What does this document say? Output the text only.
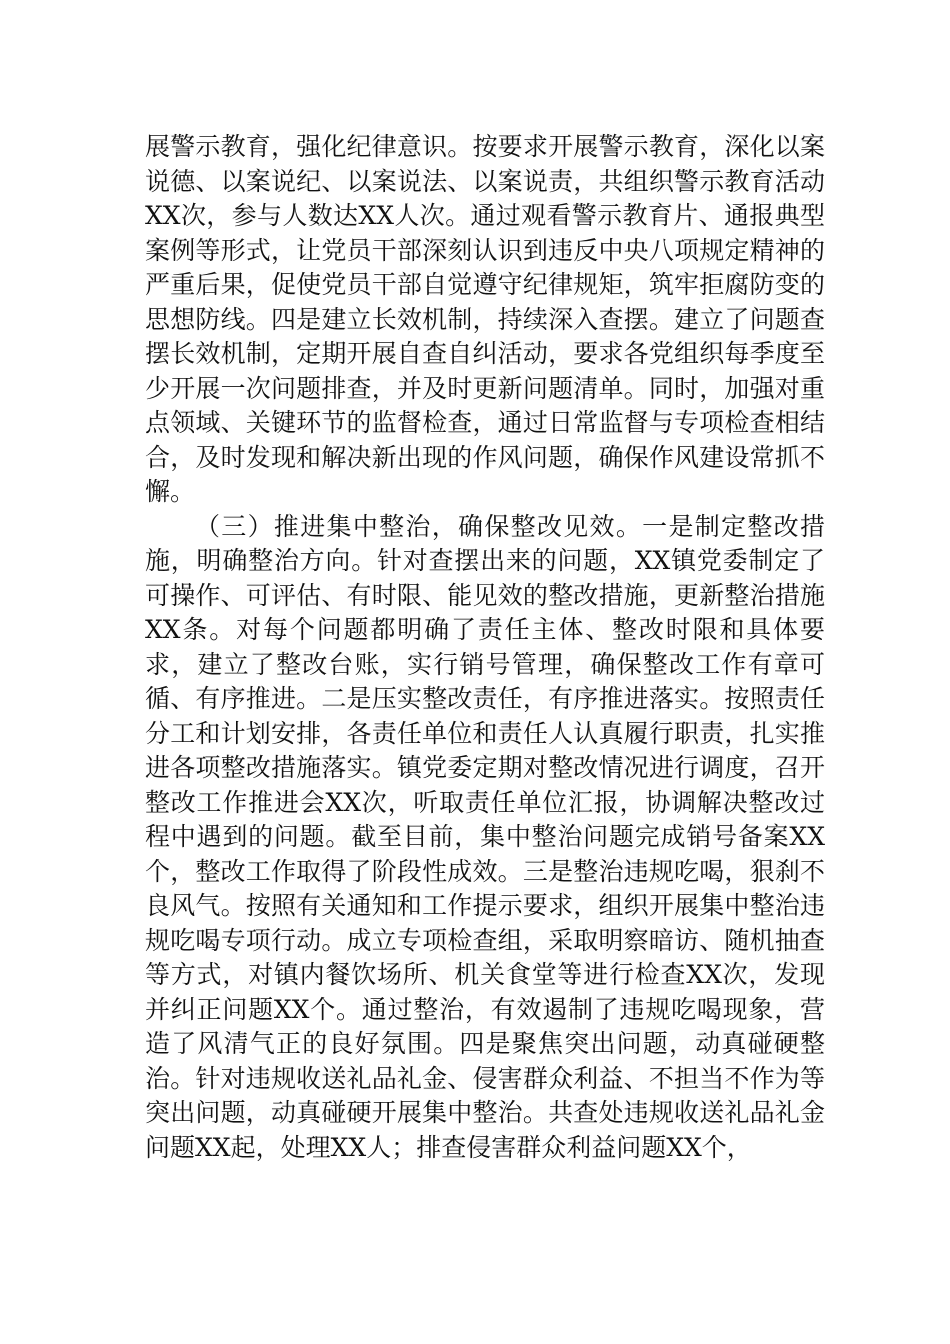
展警示教育，强化纪律意识。按要求开展警示教育，深化以案说德、以案说纪、以案说法、以案说责，共组织警示教育活动XX次，参与人数达XX人次。通过观看警示教育片、通报典型案例等形式，让党员干部深刻认识到违反中央八项规定精神的严重后果，促使党员干部自觉遵守纪律规矩，筑牢拒腐防变的思想防线。四是建立长效机制，持续深入查摆。建立了问题查摆长效机制，定期开展自查自纠活动，要求各党组织每季度至少开展一次问题排查，并及时更新问题清单。同时，加强对重点领域、关键环节的监督检查，通过日常监督与专项检查相结合，及时发现和解决新出现的作风问题，确保作风建设常抓不懈。

（三）推进集中整治，确保整改见效。一是制定整改措施，明确整治方向。针对查摆出来的问题，XX镇党委制定了可操作、可评估、有时限、能见效的整改措施，更新整治措施XX条。对每个问题都明确了责任主体、整改时限和具体要求，建立了整改台账，实行销号管理，确保整改工作有章可循、有序推进。二是压实整改责任，有序推进落实。按照责任分工和计划安排，各责任单位和责任人认真履行职责，扎实推进各项整改措施落实。镇党委定期对整改情况进行调度，召开整改工作推进会XX次，听取责任单位汇报，协调解决整改过程中遇到的问题。截至目前，集中整治问题完成销号备案XX个，整改工作取得了阶段性成效。三是整治违规吃喝，狠刹不良风气。按照有关通知和工作提示要求，组织开展集中整治违规吃喝专项行动。成立专项检查组，采取明察暗访、随机抽查等方式，对镇内餐饮场所、机关食堂等进行检查XX次，发现并纠正问题XX个。通过整治，有效遏制了违规吃喝现象，营造了风清气正的良好氛围。四是聚焦突出问题，动真碰硬整治。针对违规收送礼品礼金、侵害群众利益、不担当不作为等突出问题，动真碰硬开展集中整治。共查处违规收送礼品礼金问题XX起，处理XX人；排查侵害群众利益问题XX个，
